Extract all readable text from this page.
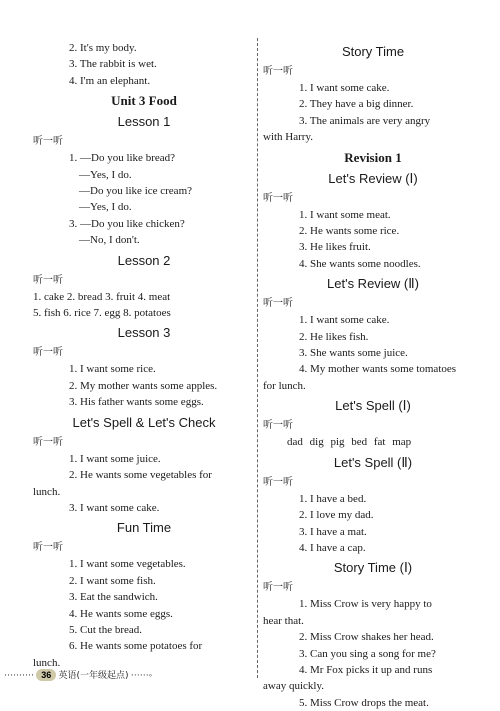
2. It's my body.
3. The rabbit is wet.
4. I'm an elephant.
Unit 3 Food
Lesson 1
听一听
1. —Do you like bread?
—Yes, I do.
—Do you like ice cream?
—Yes, I do.
3. —Do you like chicken?
—No, I don't.
Lesson 2
听一听
1. cake 2. bread 3. fruit 4. meat
5. fish 6. rice 7. egg 8. potatoes
Lesson 3
听一听
1. I want some rice.
2. My mother wants some apples.
3. His father wants some eggs.
Let's Spell & Let's Check
听一听
1. I want some juice.
2. He wants some vegetables for
lunch.
3. I want some cake.
Fun Time
听一听
1. I want some vegetables.
2. I want some fish.
3. Eat the sandwich.
4. He wants some eggs.
5. Cut the bread.
6. He wants some potatoes for
lunch.
Story Time
听一听
1. I want some cake.
2. They have a big dinner.
3. The animals are very angry
with Harry.
Revision 1
Let's Review (Ⅰ)
听一听
1. I want some meat.
2. He wants some rice.
3. He likes fruit.
4. She wants some noodles.
Let's Review (Ⅱ)
听一听
1. I want some cake.
2. He likes fish.
3. She wants some juice.
4. My mother wants some tomatoes
for lunch.
Let's Spell (Ⅰ)
听一听
dad dig pig bed fat map
Let's Spell (Ⅱ)
听一听
1. I have a bed.
2. I love my dad.
3. I have a mat.
4. I have a cap.
Story Time (Ⅰ)
听一听
1. Miss Crow is very happy to
hear that.
2. Miss Crow shakes her head.
3. Can you sing a song for me?
4. Mr Fox picks it up and runs
away quickly.
5. Miss Crow drops the meat.
·········· 36 英语(一年级起点) ······◦
